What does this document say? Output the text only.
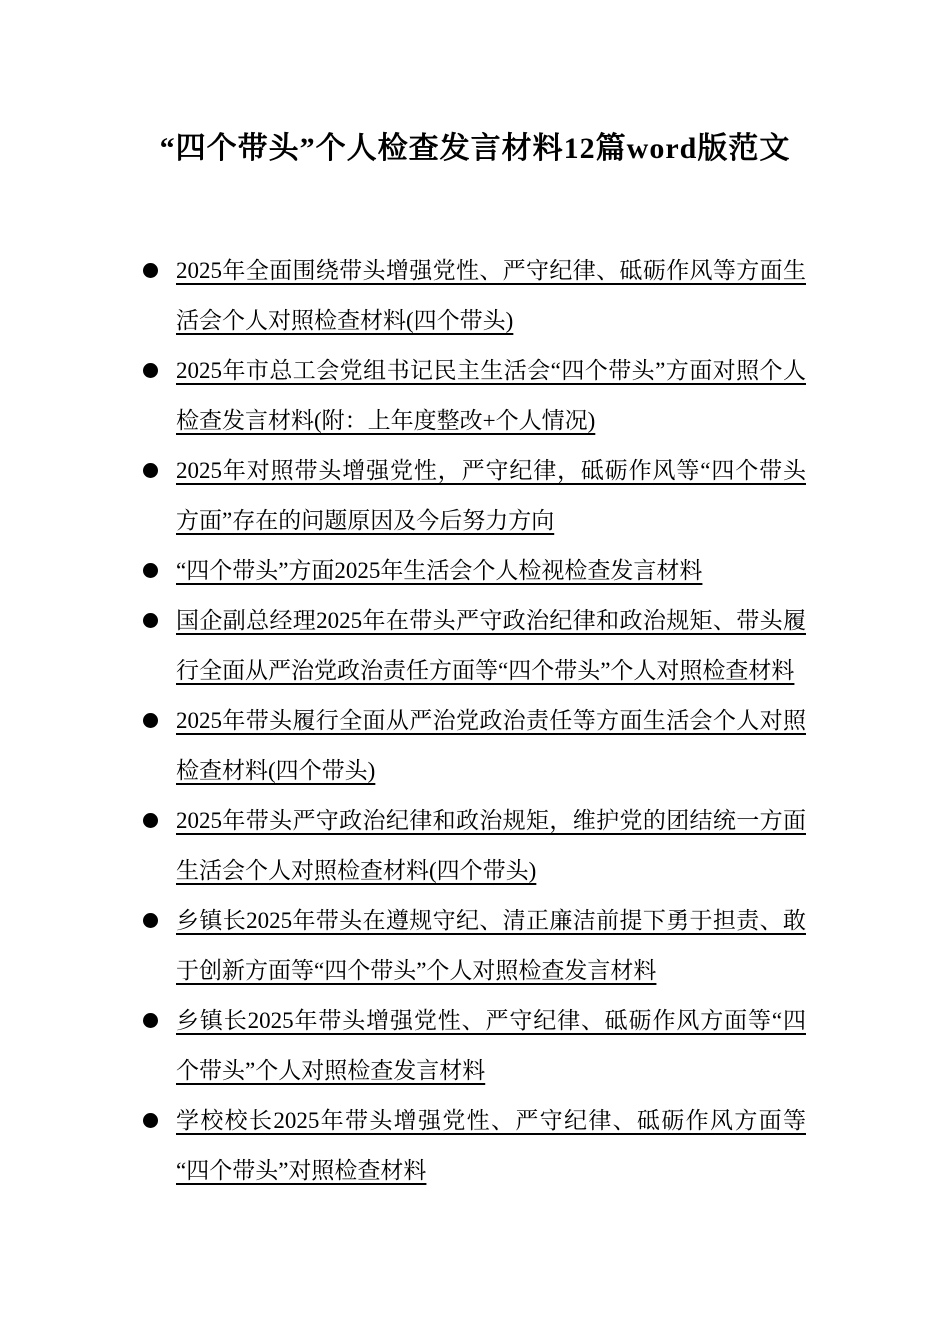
“四个带头”个人检查发言材料12篇word版范文
2025年全面围绕带头增强党性、严守纪律、砥砺作风等方面生活会个人对照检查材料(四个带头)
2025年市总工会党组书记民主生活会“四个带头”方面对照个人检查发言材料(附：上年度整改+个人情况)
2025年对照带头增强党性，严守纪律，砥砺作风等“四个带头方面”存在的问题原因及今后努力方向
“四个带头”方面2025年生活会个人检视检查发言材料
国企副总经理2025年在带头严守政治纪律和政治规矩、带头履行全面从严治党政治责任方面等“四个带头”个人对照检查材料
2025年带头履行全面从严治党政治责任等方面生活会个人对照检查材料(四个带头)
2025年带头严守政治纪律和政治规矩，维护党的团结统一方面生活会个人对照检查材料(四个带头)
乡镇长2025年带头在遵规守纪、清正廉洁前提下勇于担责、敢于创新方面等“四个带头”个人对照检查发言材料
乡镇长2025年带头增强党性、严守纪律、砥砺作风方面等“四个带头”个人对照检查发言材料
学校校长2025年带头增强党性、严守纪律、砥砺作风方面等“四个带头”对照检查材料
